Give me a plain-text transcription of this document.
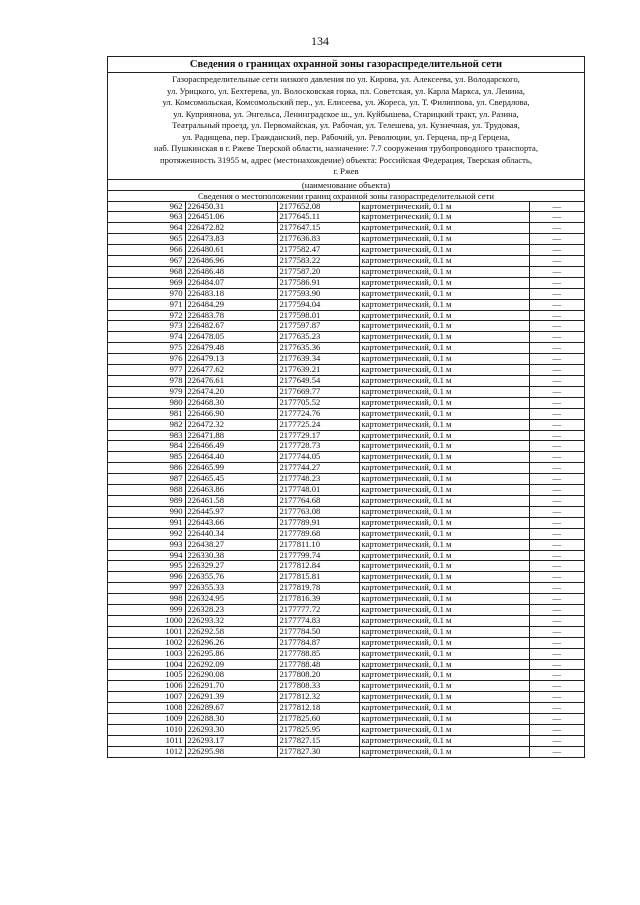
134
Сведения о границах охранной зоны газораспределительной сети
Газораспределительные сети низкого давления по ул. Кирова, ул. Алексеева, ул. Володарского,
ул. Урицкого, ул. Бехтерева, ул. Волосковская горка, пл. Советская, ул. Карла Маркса, ул. Ленина,
ул. Комсомольская, Комсомольский пер., ул. Елисеева, ул. Жореса, ул. Т. Филиппова, ул. Свердлова,
ул. Куприянова, ул. Энгельса, Ленинградское ш., ул. Куйбышева, Старицкий тракт, ул. Разина,
Театральный проезд, ул. Первомайская, ул. Рабочая, ул. Телешева, ул. Кузнечная, ул. Трудовая,
ул. Радищева, пер. Гражданский, пер. Рабочий, ул. Революции, ул. Герцена, пр-д Герцена,
наб. Пушкинская в г. Ржеве Тверской области, назначение: 7.7 сооружения трубопроводного транспорта,
протяженность 31955 м, адрес (местонахождение) объекта: Российская Федерация, Тверская область,
г. Ржев
(наименование объекта)
Сведения о местоположении границ охранной зоны газораспределительной сети
962	226450.31	2177652.08	картометрический, 0.1 м	—
963	226451.06	2177645.11	картометрический, 0.1 м	—
964	226472.82	2177647.15	картометрический, 0.1 м	—
965	226473.83	2177636.83	картометрический, 0.1 м	—
966	226480.61	2177582.47	картометрический, 0.1 м	—
967	226486.96	2177583.22	картометрический, 0.1 м	—
968	226486.48	2177587.20	картометрический, 0.1 м	—
969	226484.07	2177586.91	картометрический, 0.1 м	—
970	226483.18	2177593.90	картометрический, 0.1 м	—
971	226484.29	2177594.04	картометрический, 0.1 м	—
972	226483.78	2177598.01	картометрический, 0.1 м	—
973	226482.67	2177597.87	картометрический, 0.1 м	—
974	226478.05	2177635.23	картометрический, 0.1 м	—
975	226479.48	2177635.36	картометрический, 0.1 м	—
976	226479.13	2177639.34	картометрический, 0.1 м	—
977	226477.62	2177639.21	картометрический, 0.1 м	—
978	226476.61	2177649.54	картометрический, 0.1 м	—
979	226474.20	2177669.77	картометрический, 0.1 м	—
980	226468.30	2177705.52	картометрический, 0.1 м	—
981	226466.90	2177724.76	картометрический, 0.1 м	—
982	226472.32	2177725.24	картометрический, 0.1 м	—
983	226471.88	2177729.17	картометрический, 0.1 м	—
984	226466.49	2177728.73	картометрический, 0.1 м	—
985	226464.40	2177744.05	картометрический, 0.1 м	—
986	226465.99	2177744.27	картометрический, 0.1 м	—
987	226465.45	2177748.23	картометрический, 0.1 м	—
988	226463.86	2177748.01	картометрический, 0.1 м	—
989	226461.58	2177764.68	картометрический, 0.1 м	—
990	226445.97	2177763.08	картометрический, 0.1 м	—
991	226443.66	2177789.91	картометрический, 0.1 м	—
992	226440.34	2177789.68	картометрический, 0.1 м	—
993	226438.27	2177811.10	картометрический, 0.1 м	—
994	226330.38	2177799.74	картометрический, 0.1 м	—
995	226329.27	2177812.84	картометрический, 0.1 м	—
996	226355.76	2177815.81	картометрический, 0.1 м	—
997	226355.33	2177819.78	картометрический, 0.1 м	—
998	226324.95	2177816.39	картометрический, 0.1 м	—
999	226328.23	2177777.72	картометрический, 0.1 м	—
1000	226293.32	2177774.83	картометрический, 0.1 м	—
1001	226292.58	2177784.50	картометрический, 0.1 м	—
1002	226296.26	2177784.87	картометрический, 0.1 м	—
1003	226295.86	2177788.85	картометрический, 0.1 м	—
1004	226292.09	2177788.48	картометрический, 0.1 м	—
1005	226290.08	2177808.20	картометрический, 0.1 м	—
1006	226291.70	2177808.33	картометрический, 0.1 м	—
1007	226291.39	2177812.32	картометрический, 0.1 м	—
1008	226289.67	2177812.18	картометрический, 0.1 м	—
1009	226288.30	2177825.60	картометрический, 0.1 м	—
1010	226293.30	2177825.95	картометрический, 0.1 м	—
1011	226293.17	2177827.15	картометрический, 0.1 м	—
1012	226295.98	2177827.30	картометрический, 0.1 м	—
